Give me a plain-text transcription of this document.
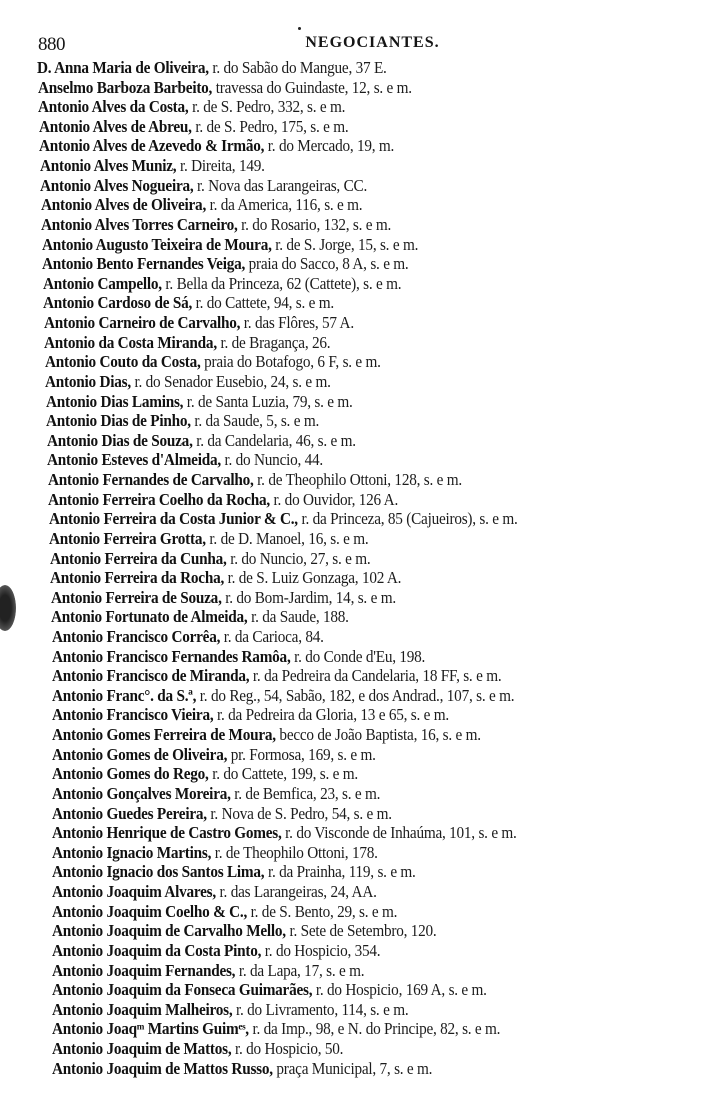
880	NEGOCIANTES.
D. Anna Maria de Oliveira, r. do Sabão do Mangue, 37 E.
Anselmo Barboza Barbeito, travessa do Guindaste, 12, s. e m.
Antonio Alves da Costa, r. de S. Pedro, 332, s. e m.
Antonio Alves de Abreu, r. de S. Pedro, 175, s. e m.
Antonio Alves de Azevedo & Irmão, r. do Mercado, 19, m.
Antonio Alves Muniz, r. Direita, 149.
Antonio Alves Nogueira, r. Nova das Larangeiras, CC.
Antonio Alves de Oliveira, r. da America, 116, s. e m.
Antonio Alves Torres Carneiro, r. do Rosario, 132, s. e m.
Antonio Augusto Teixeira de Moura, r. de S. Jorge, 15, s. e m.
Antonio Bento Fernandes Veiga, praia do Sacco, 8 A, s. e m.
Antonio Campello, r. Bella da Princeza, 62 (Cattete), s. e m.
Antonio Cardoso de Sá, r. do Cattete, 94, s. e m.
Antonio Carneiro de Carvalho, r. das Flôres, 57 A.
Antonio da Costa Miranda, r. de Bragança, 26.
Antonio Couto da Costa, praia do Botafogo, 6 F, s. e m.
Antonio Dias, r. do Senador Eusebio, 24, s. e m.
Antonio Dias Lamins, r. de Santa Luzia, 79, s. e m.
Antonio Dias de Pinho, r. da Saude, 5, s. e m.
Antonio Dias de Souza, r. da Candelaria, 46, s. e m.
Antonio Esteves d'Almeida, r. do Nuncio, 44.
Antonio Fernandes de Carvalho, r. de Theophilo Ottoni, 128, s. e m.
Antonio Ferreira Coelho da Rocha, r. do Ouvidor, 126 A.
Antonio Ferreira da Costa Junior & C., r. da Princeza, 85 (Cajueiros), s. e m.
Antonio Ferreira Grotta, r. de D. Manoel, 16, s. e m.
Antonio Ferreira da Cunha, r. do Nuncio, 27, s. e m.
Antonio Ferreira da Rocha, r. de S. Luiz Gonzaga, 102 A.
Antonio Ferreira de Souza, r. do Bom-Jardim, 14, s. e m.
Antonio Fortunato de Almeida, r. da Saude, 188.
Antonio Francisco Corrêa, r. da Carioca, 84.
Antonio Francisco Fernandes Ramôa, r. do Conde d'Eu, 198.
Antonio Francisco de Miranda, r. da Pedreira da Candelaria, 18 FF, s. e m.
Antonio Franc°. da S.ª, r. do Reg., 54, Sabão, 182, e dos Andrad., 107, s. e m.
Antonio Francisco Vieira, r. da Pedreira da Gloria, 13 e 65, s. e m.
Antonio Gomes Ferreira de Moura, becco de João Baptista, 16, s. e m.
Antonio Gomes de Oliveira, pr. Formosa, 169, s. e m.
Antonio Gomes do Rego, r. do Cattete, 199, s. e m.
Antonio Gonçalves Moreira, r. de Bemfica, 23, s. e m.
Antonio Guedes Pereira, r. Nova de S. Pedro, 54, s. e m.
Antonio Henrique de Castro Gomes, r. do Visconde de Inhaúma, 101, s. e m.
Antonio Ignacio Martins, r. de Theophilo Ottoni, 178.
Antonio Ignacio dos Santos Lima, r. da Prainha, 119, s. e m.
Antonio Joaquim Alvares, r. das Larangeiras, 24, AA.
Antonio Joaquim Coelho & C., r. de S. Bento, 29, s. e m.
Antonio Joaquim de Carvalho Mello, r. Sete de Setembro, 120.
Antonio Joaquim da Costa Pinto, r. do Hospicio, 354.
Antonio Joaquim Fernandes, r. da Lapa, 17, s. e m.
Antonio Joaquim da Fonseca Guimarães, r. do Hospicio, 169 A, s. e m.
Antonio Joaquim Malheiros, r. do Livramento, 114, s. e m.
Antonio Joaqᵐ Martins Guimᵉˢ, r. da Imp., 98, e N. do Principe, 82, s. e m.
Antonio Joaquim de Mattos, r. do Hospicio, 50.
Antonio Joaquim de Mattos Russo, praça Municipal, 7, s. e m.
